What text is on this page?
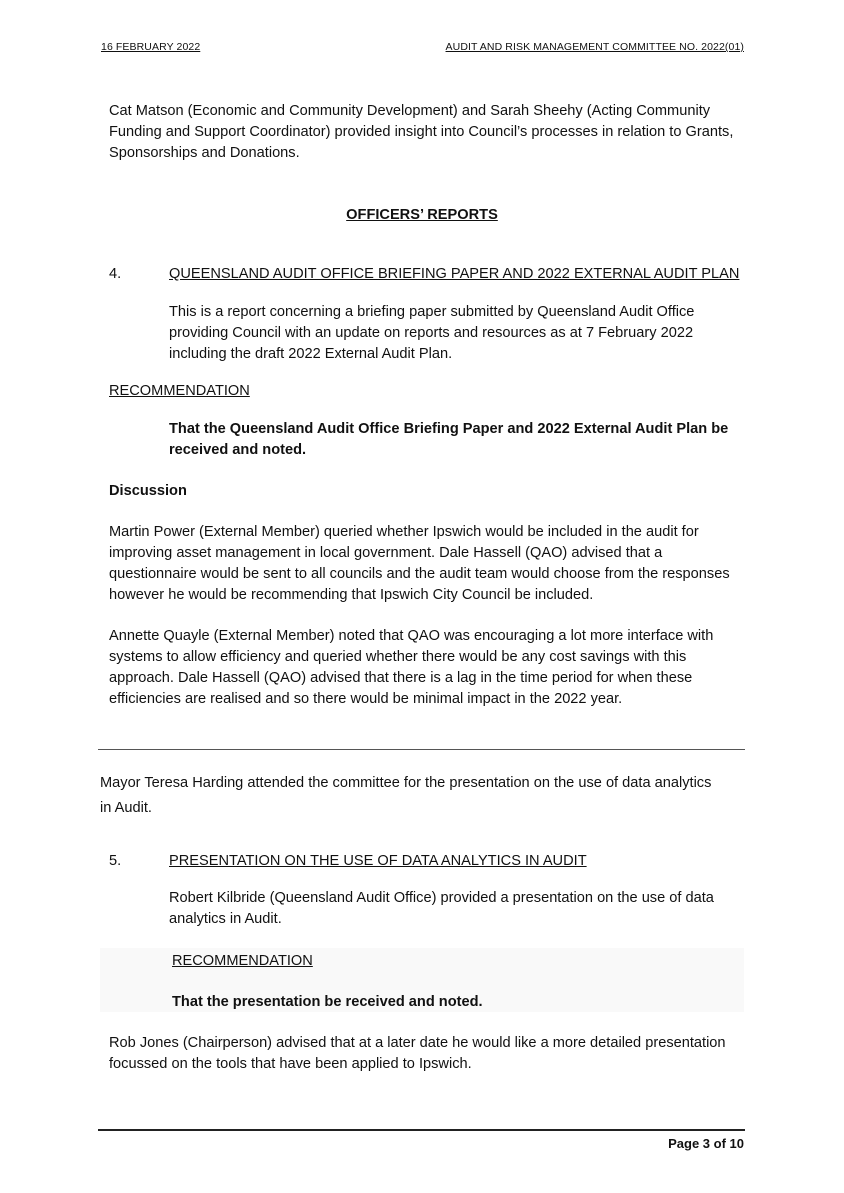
16 FEBRUARY 2022	AUDIT AND RISK MANAGEMENT COMMITTEE NO. 2022(01)

Cat Matson (Economic and Community Development) and Sarah Sheehy (Acting Community Funding and Support Coordinator) provided insight into Council’s processes in relation to Grants, Sponsorships and Donations.

OFFICERS’ REPORTS
4.	QUEENSLAND AUDIT OFFICE BRIEFING PAPER AND 2022 EXTERNAL AUDIT PLAN

This is a report concerning a briefing paper submitted by Queensland Audit Office providing Council with an update on reports and resources as at 7 February 2022 including the draft 2022 External Audit Plan.

RECOMMENDATION

That the Queensland Audit Office Briefing Paper and 2022 External Audit Plan be received and noted.

Discussion

Martin Power (External Member) queried whether Ipswich would be included in the audit for improving asset management in local government. Dale Hassell (QAO) advised that a questionnaire would be sent to all councils and the audit team would choose from the responses however he would be recommending that Ipswich City Council be included.

Annette Quayle (External Member) noted that QAO was encouraging a lot more interface with systems to allow efficiency and queried whether there would be any cost savings with this approach. Dale Hassell (QAO) advised that there is a lag in the time period for when these efficiencies are realised and so there would be minimal impact in the 2022 year.

Mayor Teresa Harding attended the committee for the presentation on the use of data analytics in Audit.

5.	PRESENTATION ON THE USE OF DATA ANALYTICS IN AUDIT

Robert Kilbride (Queensland Audit Office) provided a presentation on the use of data analytics in Audit.

RECOMMENDATION
That the presentation be received and noted.

Rob Jones (Chairperson) advised that at a later date he would like a more detailed presentation focussed on the tools that have been applied to Ipswich.

Page 3 of 10
